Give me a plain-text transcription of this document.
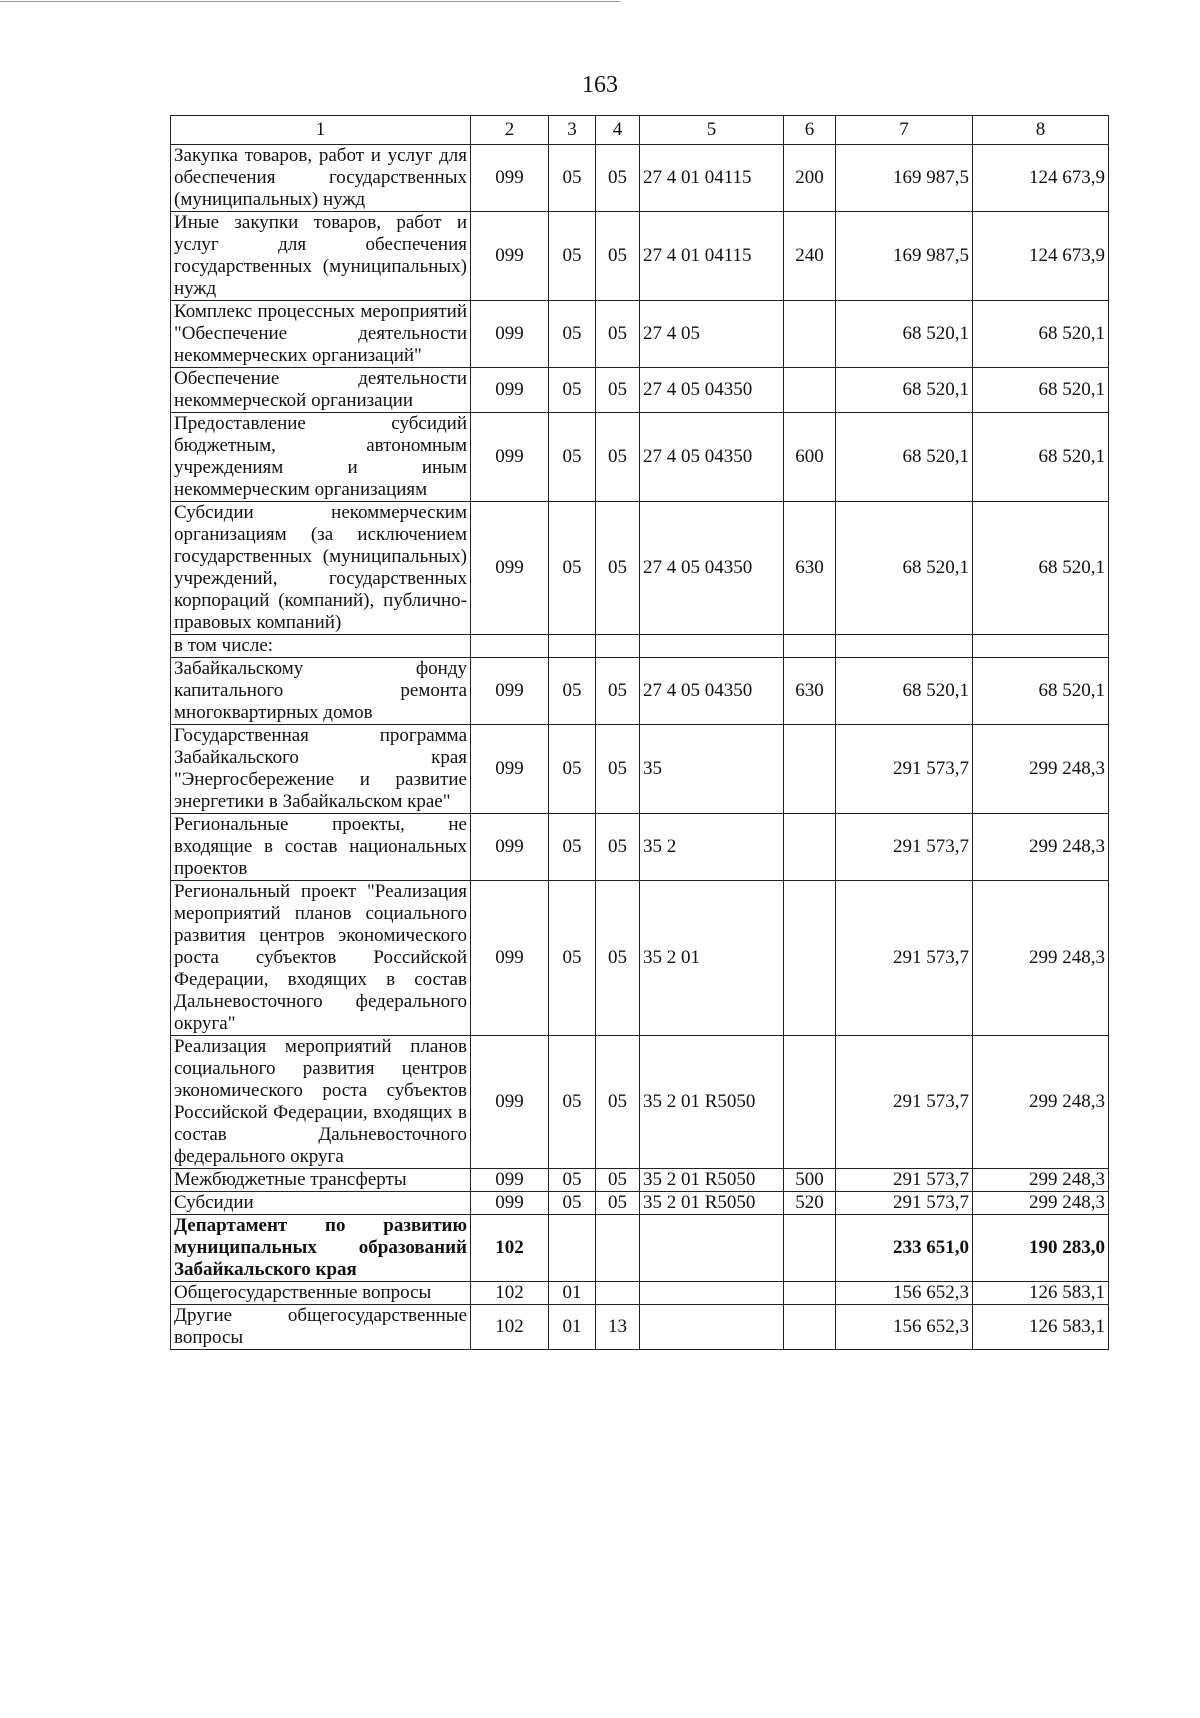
163
1	2	3	4	5	6	7	8
Закупка товаров, работ и услуг для обеспечения государственных (муниципальных) нужд	099	05	05	27 4 01 04115	200	169 987,5	124 673,9
Иные закупки товаров, работ и услуг для обеспечения государственных (муниципальных) нужд	099	05	05	27 4 01 04115	240	169 987,5	124 673,9
Комплекс процессных мероприятий "Обеспечение деятельности некоммерческих организаций"	099	05	05	27 4 05		68 520,1	68 520,1
Обеспечение деятельности некоммерческой организации	099	05	05	27 4 05 04350		68 520,1	68 520,1
Предоставление субсидий бюджетным, автономным учреждениям и иным некоммерческим организациям	099	05	05	27 4 05 04350	600	68 520,1	68 520,1
Субсидии некоммерческим организациям (за исключением государственных (муниципальных) учреждений, государственных корпораций (компаний), публично-правовых компаний)	099	05	05	27 4 05 04350	630	68 520,1	68 520,1
в том числе:							
Забайкальскому фонду капитального ремонта многоквартирных домов	099	05	05	27 4 05 04350	630	68 520,1	68 520,1
Государственная программа Забайкальского края "Энергосбережение и развитие энергетики в Забайкальском крае"	099	05	05	35		291 573,7	299 248,3
Региональные проекты, не входящие в состав национальных проектов	099	05	05	35 2		291 573,7	299 248,3
Региональный проект "Реализация мероприятий планов социального развития центров экономического роста субъектов Российской Федерации, входящих в состав Дальневосточного федерального округа"	099	05	05	35 2 01		291 573,7	299 248,3
Реализация мероприятий планов социального развития центров экономического роста субъектов Российской Федерации, входящих в состав Дальневосточного федерального округа	099	05	05	35 2 01 R5050		291 573,7	299 248,3
Межбюджетные трансферты	099	05	05	35 2 01 R5050	500	291 573,7	299 248,3
Субсидии	099	05	05	35 2 01 R5050	520	291 573,7	299 248,3
Департамент по развитию муниципальных образований Забайкальского края	102					233 651,0	190 283,0
Общегосударственные вопросы	102	01				156 652,3	126 583,1
Другие общегосударственные вопросы	102	01	13			156 652,3	126 583,1
